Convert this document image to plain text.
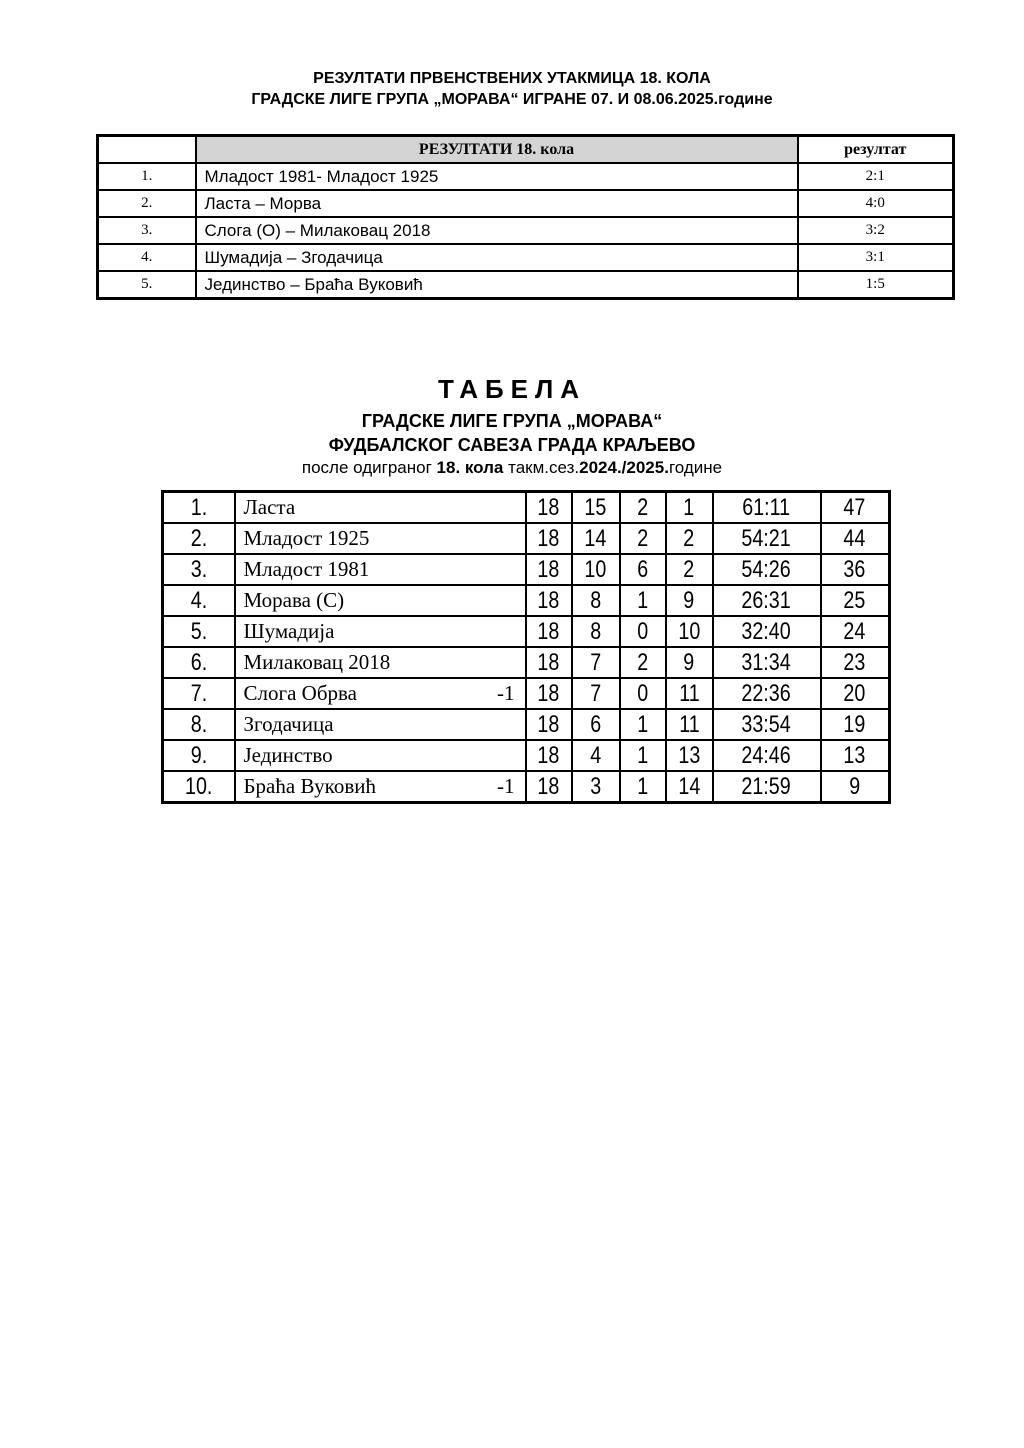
РЕЗУЛТАТИ ПРВЕНСТВЕНИХ УТАКМИЦА 18. КОЛА
ГРАДСКЕ ЛИГЕ ГРУПА „МОРАВА“ ИГРАНЕ 07. И 08.06.2025.године
	РЕЗУЛТАТИ 18. кола	резултат
1.	Младост 1981- Младост 1925	2:1
2.	Ласта – Морва	4:0
3.	Слога (О) – Милаковац 2018	3:2
4.	Шумадија – Згодачица	3:1
5.	Јединство – Браћа Вуковић	1:5
ТАБЕЛА
ГРАДСКЕ ЛИГЕ ГРУПА „МОРАВА“
ФУДБАЛСКОГ САВЕЗА ГРАДА КРАЉЕВО
после одиграног 18. кола такм.сез.2024./2025.године
1.	Ласта	18	15	2	1	61:11	47
2.	Младост 1925	18	14	2	2	54:21	44
3.	Младост 1981	18	10	6	2	54:26	36
4.	Морава (С)	18	8	1	9	26:31	25
5.	Шумадија	18	8	0	10	32:40	24
6.	Милаковац 2018	18	7	2	9	31:34	23
7.	Слога Обрва -1	18	7	0	11	22:36	20
8.	Згодачица	18	6	1	11	33:54	19
9.	Јединство	18	4	1	13	24:46	13
10.	Браћа Вуковић -1	18	3	1	14	21:59	9
